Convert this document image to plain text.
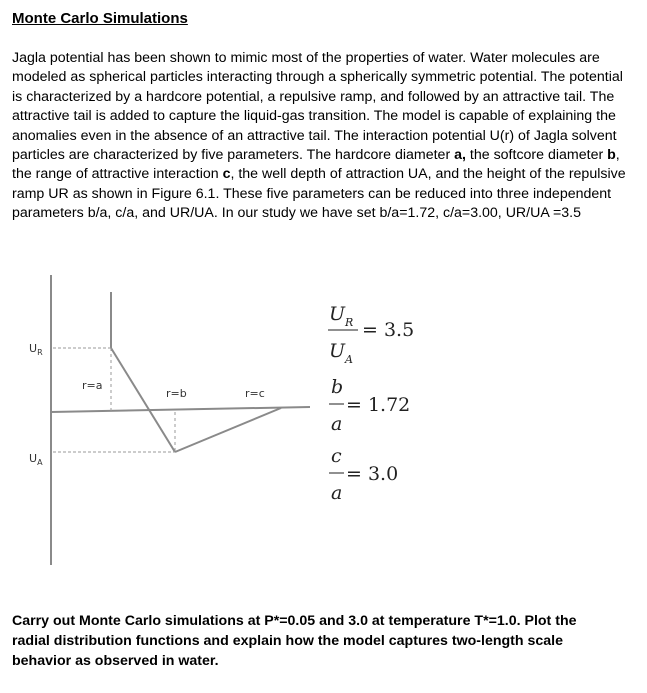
Monte Carlo Simulations
Jagla potential has been shown to mimic most of the properties of water. Water molecules are modeled as spherical particles interacting through a spherically symmetric potential. The potential is characterized by a hardcore potential, a repulsive ramp, and followed by an attractive tail. The attractive tail is added to capture the liquid-gas transition. The model is capable of explaining the anomalies even in the absence of an attractive tail. The interaction potential U(r) of Jagla solvent particles are characterized by five parameters. The hardcore diameter a, the softcore diameter b, the range of attractive interaction c, the well depth of attraction UA, and the height of the repulsive ramp UR as shown in Figure 6.1. These five parameters can be reduced into three independent parameters b/a, c/a, and UR/UA. In our study we have set b/a=1.72, c/a=3.00, UR/UA =3.5
$U_R$
$U_A$
r=a
r=b	r=c
$U_R$
$U_A$
= 3.5
b
a
= 1.72
c
a
= 3.0
Carry out Monte Carlo simulations at P*=0.05 and 3.0 at temperature T*=1.0. Plot the radial distribution functions and explain how the model captures two-length scale behavior as observed in water.
